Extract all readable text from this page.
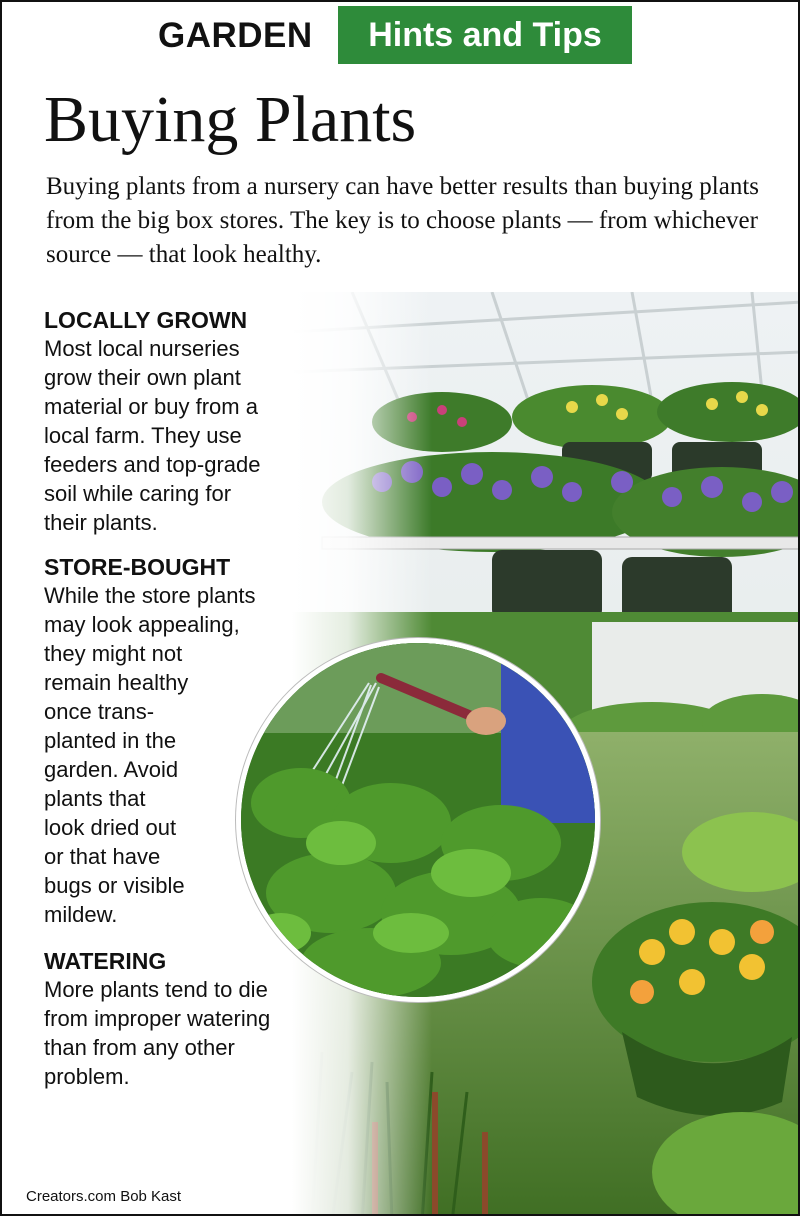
GARDEN	Hints and Tips
Buying Plants
Buying plants from a nursery can have better results than buying plants from the big box stores. The key is to choose plants — from whichever source — that look healthy.

LOCALLY GROWN

Most local nurseries

grow their own plant

material or buy from a

local farm. They use

feeders and top-grade

soil while caring for

their plants.

STORE-BOUGHT

While the store plants

may look appealing,

they might not

remain healthy

once trans-

planted in the

garden. Avoid

plants that

look dried out

or that have

bugs or visible

mildew.

WATERING

More plants tend to die

from improper watering

than from any other

problem.

Creators.com Bob Kast
